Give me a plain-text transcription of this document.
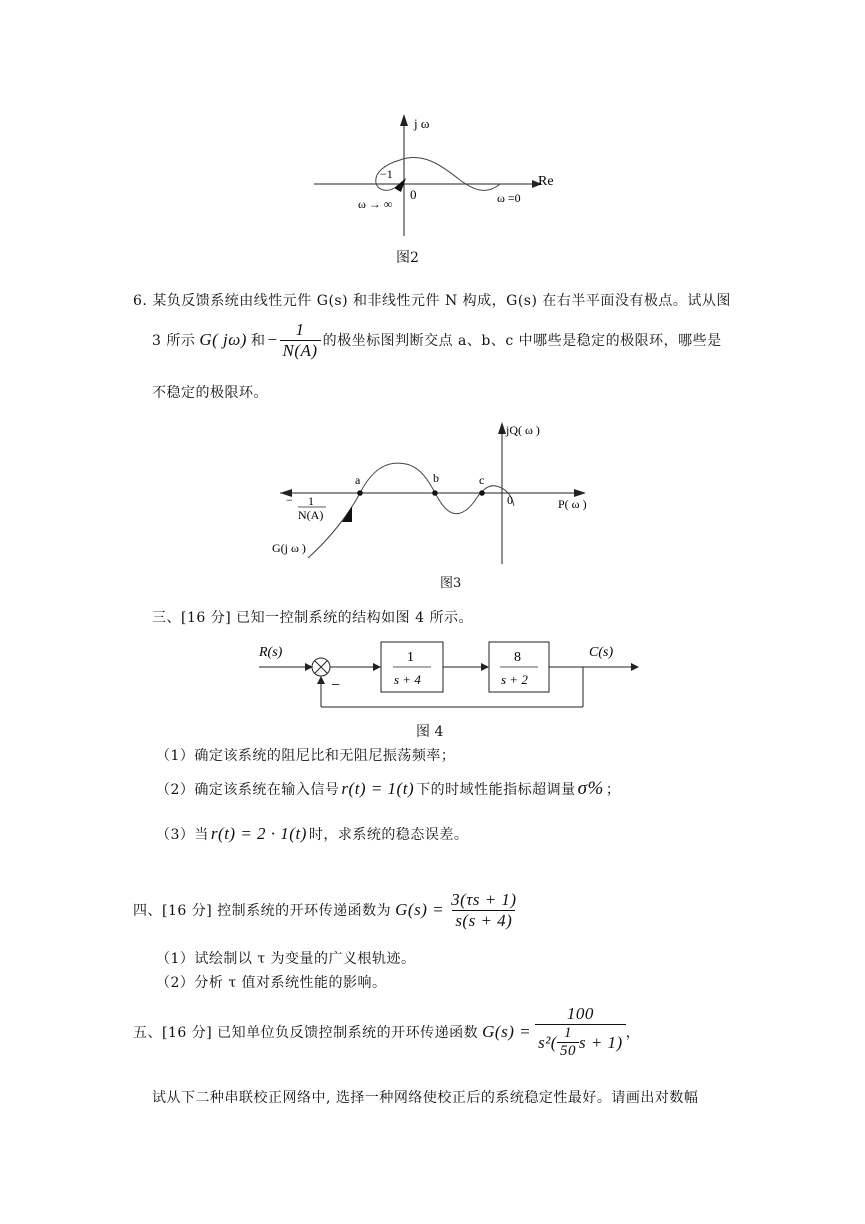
j ω
Re
−1
0
ω → ∞	ω =0
图2
6. 某负反馈系统由线性元件 G(s) 和非线性元件 N 构成，G(s) 在右半平面没有极点。试从图
3 所示 G( jω) 和 − $\frac{1}{N(A)}$ 的极坐标图判断交点 a、b、c 中哪些是稳定的极限环，哪些是
不稳定的极限环。
a	b	c
0
jQ( ω )
P( ω )
− 1
N(A)
G(j ω )
图3
三、[16 分] 已知一控制系统的结构如图 4 所示。
R(s)
−
1
s + 4
8
s + 2
C(s)
图 4
（1）确定该系统的阻尼比和无阻尼振荡频率；
（2）确定该系统在输入信号 r(t) = 1(t) 下的时域性能指标超调量 σ% ；
（3）当 r(t) = 2 · 1(t) 时，求系统的稳态误差。
四、[16 分] 控制系统的开环传递函数为 $G(s) = \frac{3(\tau s + 1)}{s(s + 4)}$
（1）试绘制以 τ 为变量的广义根轨迹。
（2）分析 τ 值对系统性能的影响。
五、[16 分] 已知单位负反馈控制系统的开环传递函数 $G(s) = \frac{100}{s^2( \frac{1}{50} s + 1)}$ ，
试从下二种串联校正网络中, 选择一种网络使校正后的系统稳定性最好。请画出对数幅
